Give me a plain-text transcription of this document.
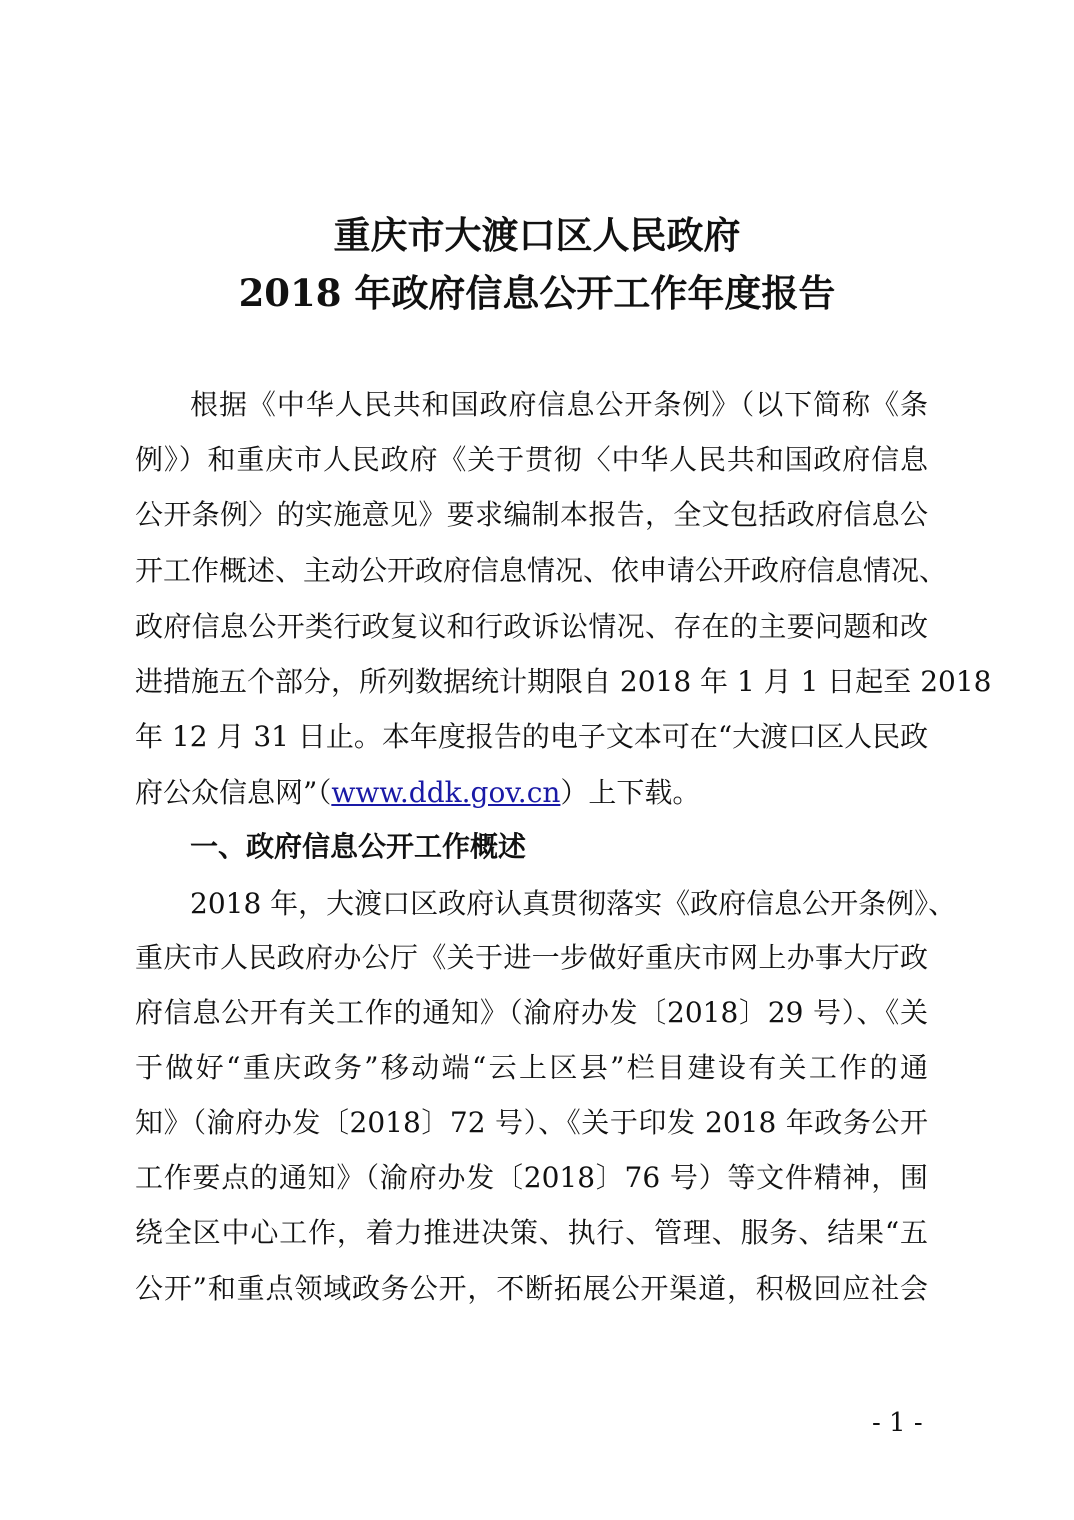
重庆市大渡口区人民政府
2018 年政府信息公开工作年度报告
根据《中华人民共和国政府信息公开条例》（以下简称《条
例》）和重庆市人民政府《关于贯彻〈中华人民共和国政府信息
公开条例〉的实施意见》要求编制本报告，全文包括政府信息公
开工作概述、主动公开政府信息情况、依申请公开政府信息情况、
政府信息公开类行政复议和行政诉讼情况、存在的主要问题和改
进措施五个部分，所列数据统计期限自 2018 年 1 月 1 日起至 2018
年 12 月 31 日止。本年度报告的电子文本可在“大渡口区人民政
府公众信息网”（www.ddk.gov.cn）上下载。
一、政府信息公开工作概述
2018 年，大渡口区政府认真贯彻落实《政府信息公开条例》、
重庆市人民政府办公厅《关于进一步做好重庆市网上办事大厅政
府信息公开有关工作的通知》（渝府办发〔2018〕29 号）、《关
于做好“重庆政务”移动端“云上区县”栏目建设有关工作的通
知》（渝府办发〔2018〕72 号）、《关于印发 2018 年政务公开
工作要点的通知》（渝府办发〔2018〕76 号）等文件精神，围
绕全区中心工作，着力推进决策、执行、管理、服务、结果“五
公开”和重点领域政务公开，不断拓展公开渠道，积极回应社会
- 1 -
